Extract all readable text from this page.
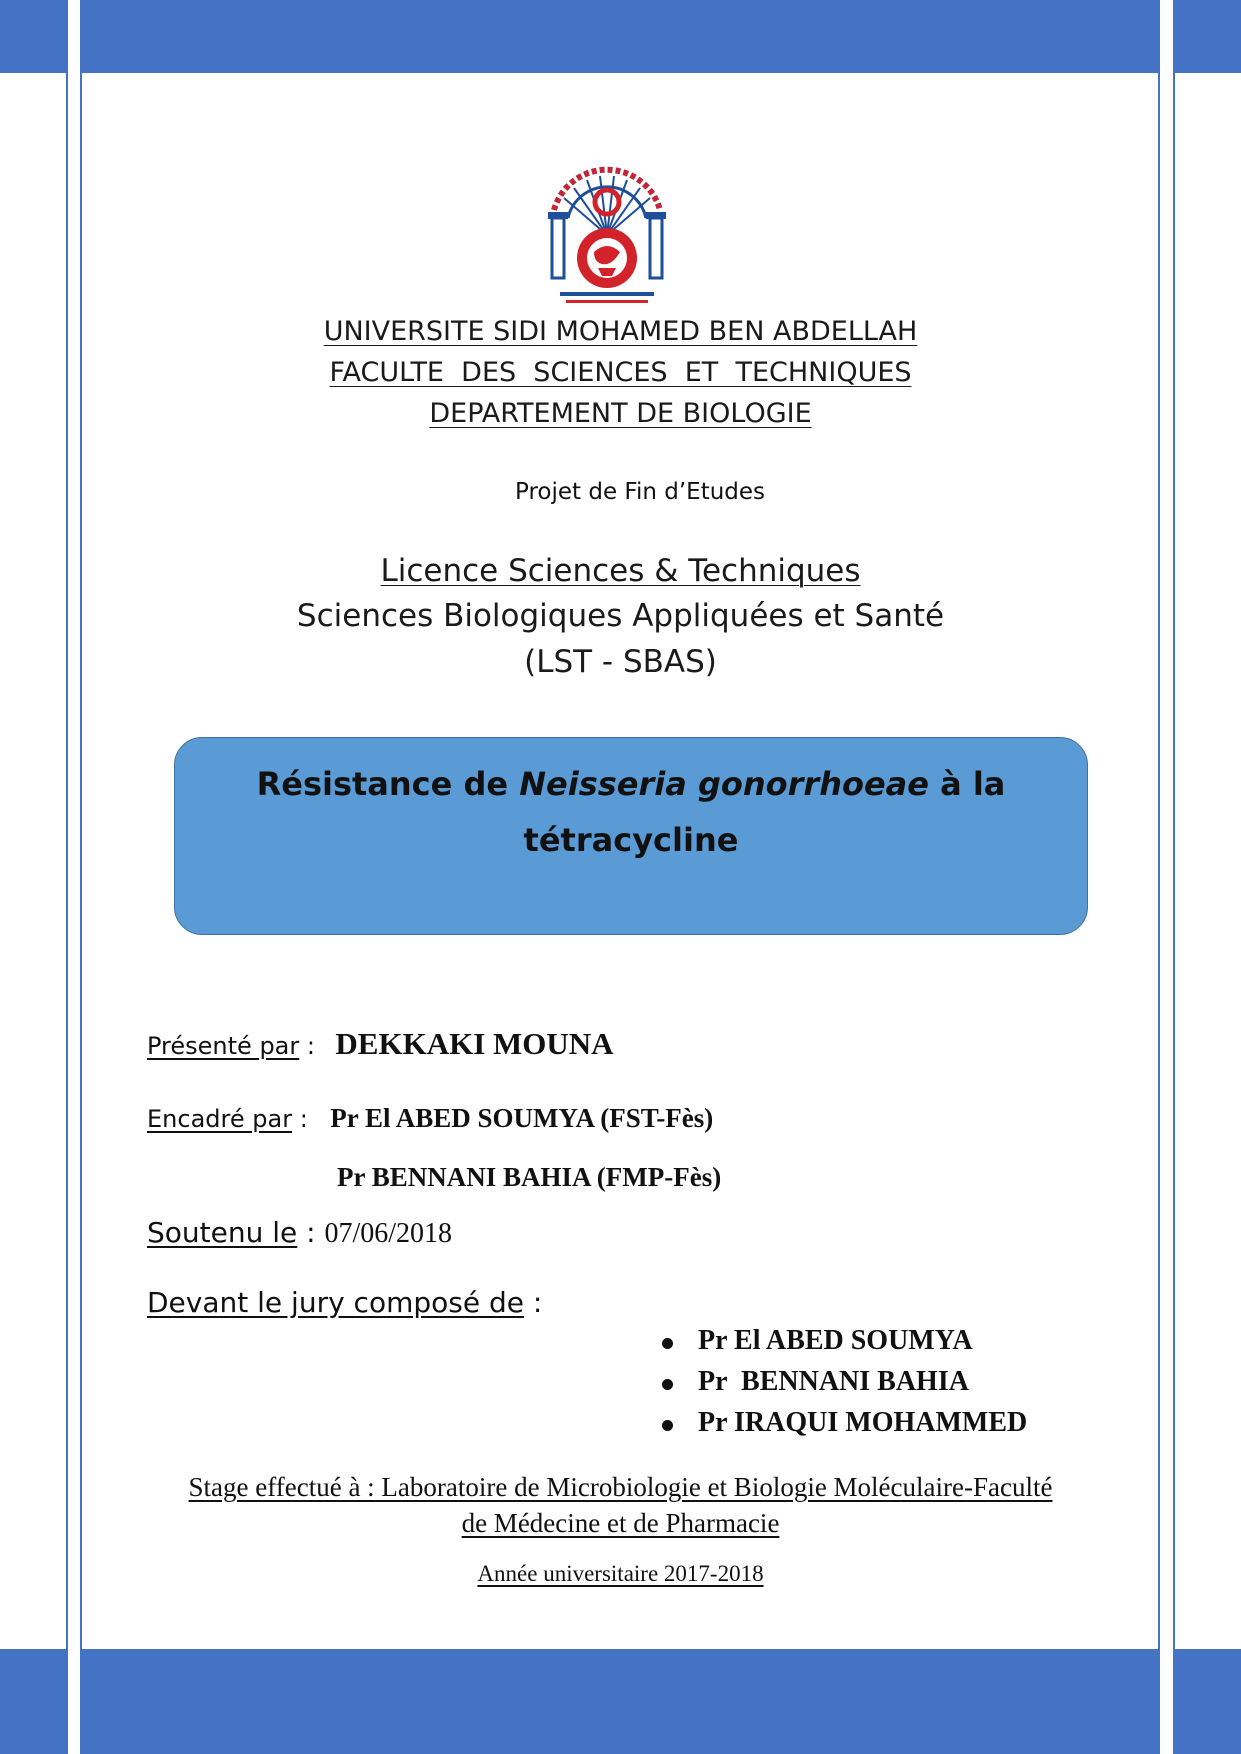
UNIVERSITE SIDI MOHAMED BEN ABDELLAH
FACULTE  DES  SCIENCES  ET  TECHNIQUES
DEPARTEMENT DE BIOLOGIE
Projet de Fin d’Etudes
Licence Sciences & Techniques
Sciences Biologiques Appliquées et Santé
(LST - SBAS)
Résistance de Neisseria gonorrhoeae à la
tétracycline
Présenté par : DEKKAKI MOUNA
Encadré par : Pr El ABED SOUMYA (FST-Fès)
Pr BENNANI BAHIA (FMP-Fès)
Soutenu le : 07/06/2018
Devant le jury composé de :
Pr El ABED SOUMYA
Pr  BENNANI BAHIA
Pr IRAQUI MOHAMMED
Stage effectué à : Laboratoire de Microbiologie et Biologie Moléculaire-Faculté
de Médecine et de Pharmacie
Année universitaire 2017-2018
